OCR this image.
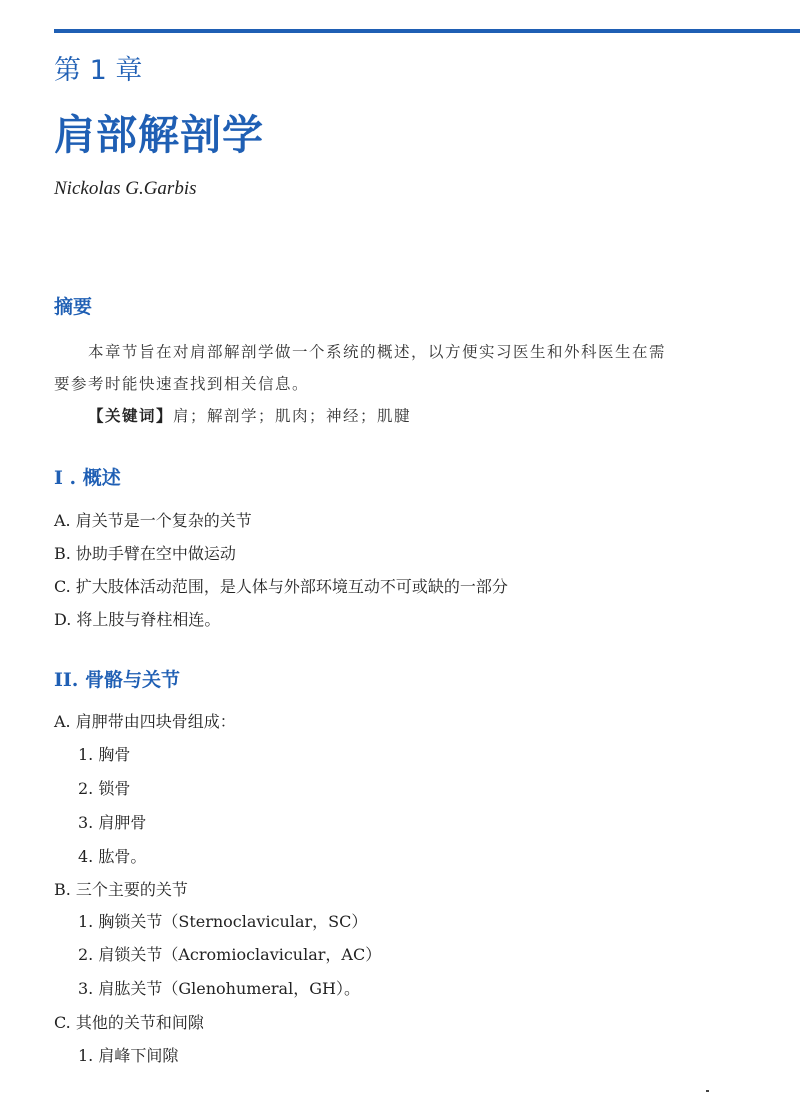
第 1 章
肩部解剖学
Nickolas G.Garbis
摘要
本章节旨在对肩部解剖学做一个系统的概述，以方便实习医生和外科医生在需
要参考时能快速查找到相关信息。
【关键词】肩；解剖学；肌肉；神经；肌腱
I . 概述
A. 肩关节是一个复杂的关节
B. 协助手臂在空中做运动
C. 扩大肢体活动范围，是人体与外部环境互动不可或缺的一部分
D. 将上肢与脊柱相连。
II. 骨骼与关节
A. 肩胛带由四块骨组成：
1. 胸骨
2. 锁骨
3. 肩胛骨
4. 肱骨。
B. 三个主要的关节
1. 胸锁关节（Sternoclavicular，SC）
2. 肩锁关节（Acromioclavicular，AC）
3. 肩肱关节（Glenohumeral，GH）。
C. 其他的关节和间隙
1. 肩峰下间隙
